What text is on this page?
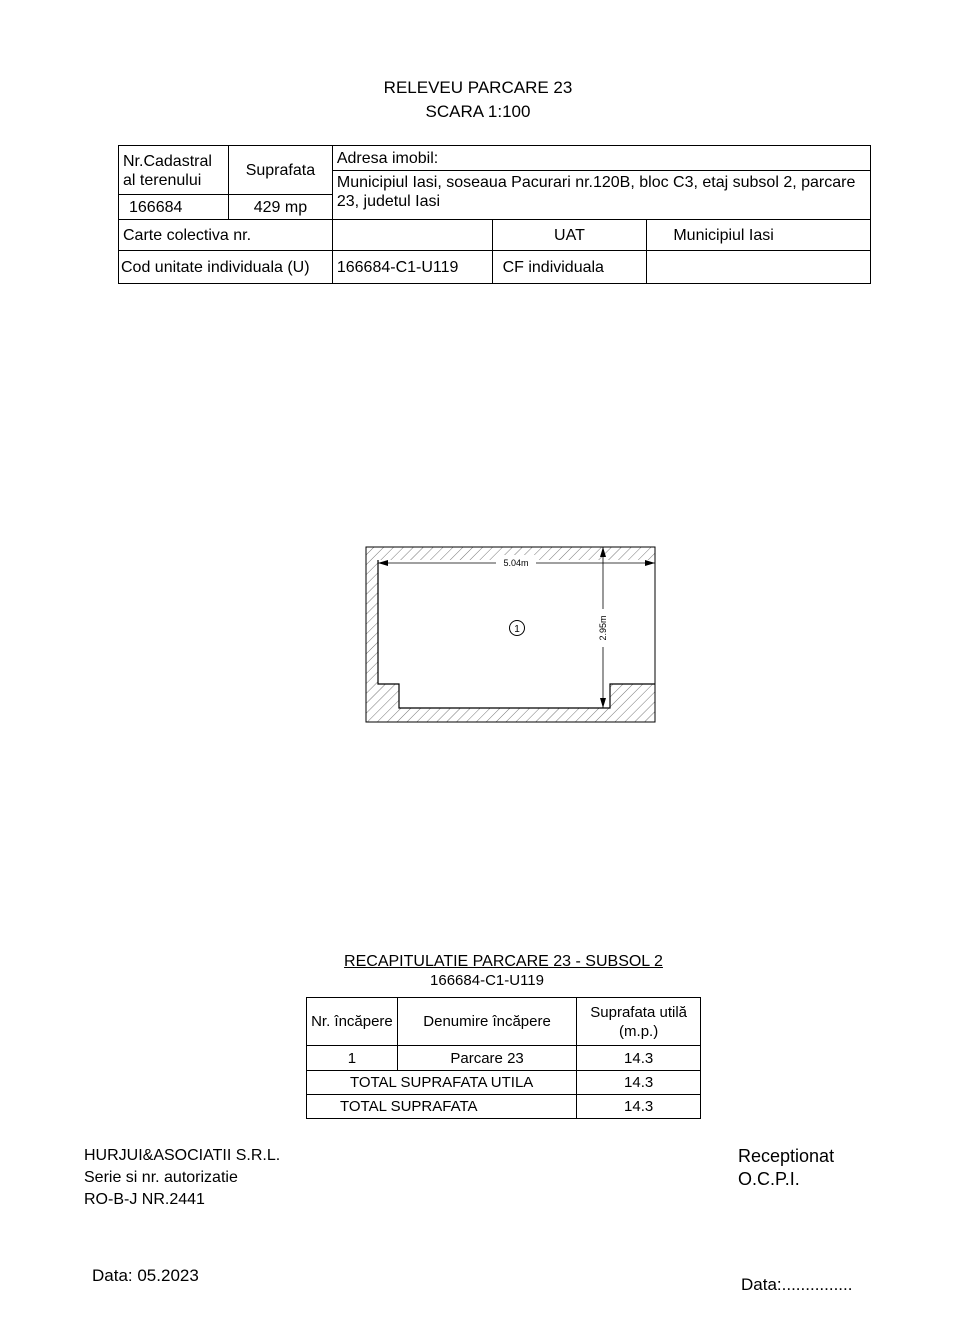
RELEVEU PARCARE 23
SCARA 1:100
Nr.Cadastral al terenului	Suprafata	Adresa imobil:		
		Municipiul Iasi, soseaua Pacurari nr.120B, bloc C3, etaj subsol 2, parcare 23, judetul Iasi		
166684	429 mp			
Carte colectiva nr.			UAT	Municipiul Iasi
Cod unitate individuala (U)		166684-C1-U119	CF individuala	
5.04m
2.95m
1
RECAPITULATIE PARCARE 23 - SUBSOL 2
166684-C1-U119
Nr. încăpere	Denumire încăpere	Suprafata utilă (m.p.)
1	Parcare 23	14.3
TOTAL SUPRAFATA UTILA		14.3
TOTAL SUPRAFATA		14.3
HURJUI&ASOCIATII S.R.L.
Serie si nr. autorizatie
RO-B-J NR.2441
Receptionat
O.C.P.I.
Data: 05.2023	Data:...............
